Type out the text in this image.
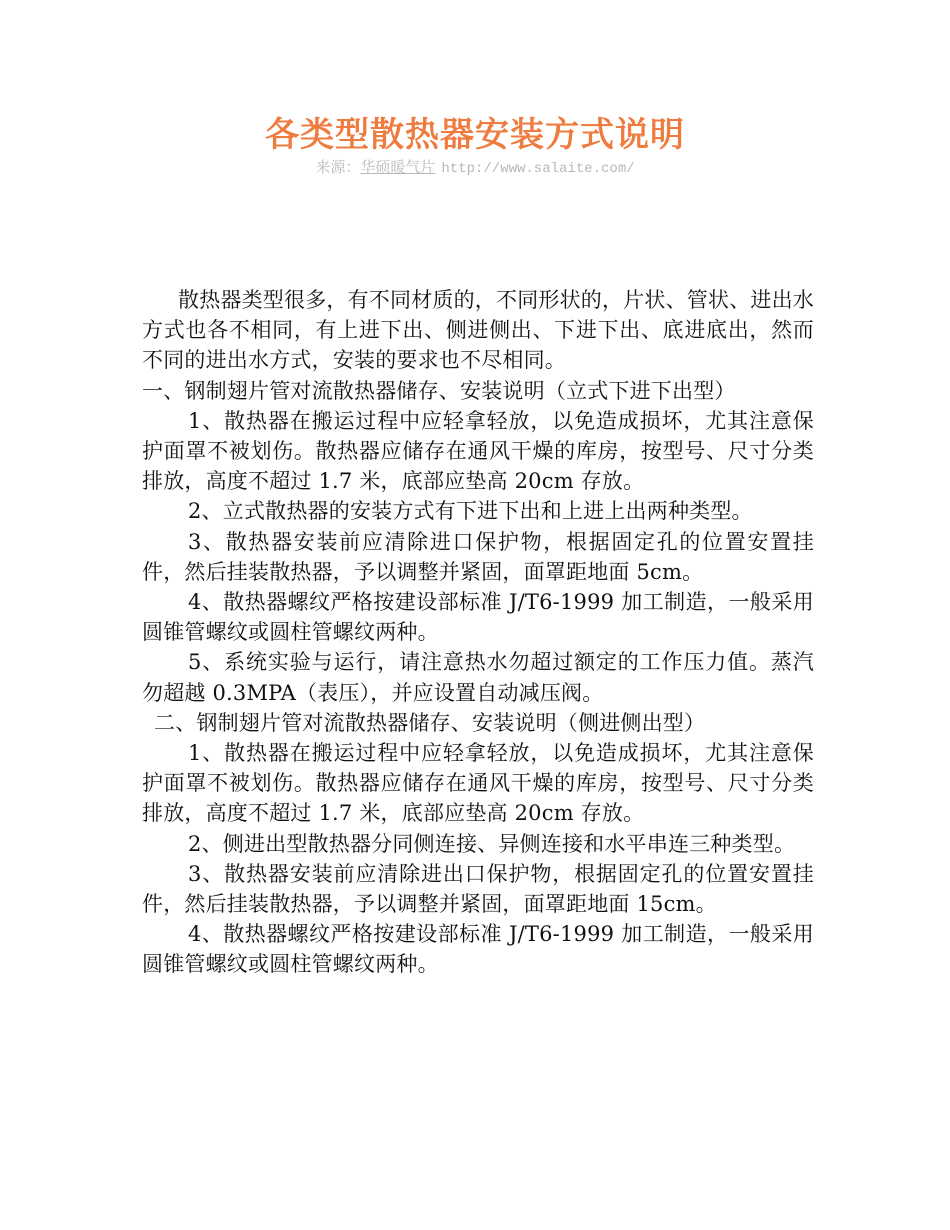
各类型散热器安装方式说明
来源：华硕暖气片 http://www.salaite.com/

散热器类型很多，有不同材质的，不同形状的，片状、管状、进出水方式也各不相同，有上进下出、侧进侧出、下进下出、底进底出，然而不同的进出水方式，安装的要求也不尽相同。

一、钢制翅片管对流散热器储存、安装说明（立式下进下出型）

1、散热器在搬运过程中应轻拿轻放，以免造成损坏，尤其注意保护面罩不被划伤。散热器应储存在通风干燥的库房，按型号、尺寸分类排放，高度不超过 1.7 米，底部应垫高 20cm 存放。

2、立式散热器的安装方式有下进下出和上进上出两种类型。

3、散热器安装前应清除进口保护物，根据固定孔的位置安置挂件，然后挂装散热器，予以调整并紧固，面罩距地面 5cm。

4、散热器螺纹严格按建设部标准 J/T6-1999 加工制造，一般采用圆锥管螺纹或圆柱管螺纹两种。

5、系统实验与运行，请注意热水勿超过额定的工作压力值。蒸汽勿超越 0.3MPA（表压），并应设置自动减压阀。

二、钢制翅片管对流散热器储存、安装说明（侧进侧出型）

1、散热器在搬运过程中应轻拿轻放，以免造成损坏，尤其注意保护面罩不被划伤。散热器应储存在通风干燥的库房，按型号、尺寸分类排放，高度不超过 1.7 米，底部应垫高 20cm 存放。

2、侧进出型散热器分同侧连接、异侧连接和水平串连三种类型。

3、散热器安装前应清除进出口保护物，根据固定孔的位置安置挂件，然后挂装散热器，予以调整并紧固，面罩距地面 15cm。

4、散热器螺纹严格按建设部标准 J/T6-1999 加工制造，一般采用圆锥管螺纹或圆柱管螺纹两种。
